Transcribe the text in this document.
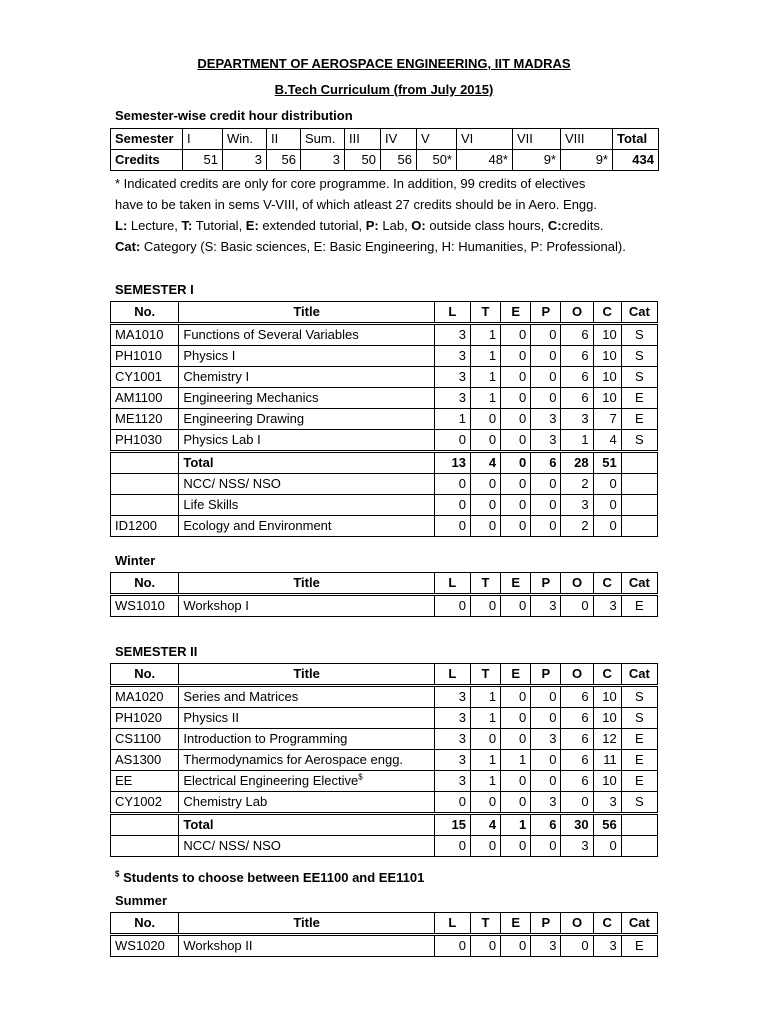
DEPARTMENT OF AEROSPACE ENGINEERING, IIT MADRAS
B.Tech Curriculum (from July 2015)
Semester-wise credit hour distribution
Semester	I	Win.	II	Sum.	III	IV	V	VI	VII	VIII	Total
Credits	51	3	56	3	50	56	50*	48*	9*	9*	434
* Indicated credits are only for core programme. In addition, 99 credits of electives
have to be taken in sems V-VIII, of which atleast 27 credits should be in Aero. Engg.
L: Lecture, T: Tutorial, E: extended tutorial, P: Lab, O: outside class hours, C:credits.
Cat: Category (S: Basic sciences, E: Basic Engineering, H: Humanities, P: Professional).
SEMESTER I
No.	Title	L	T	E	P	O	C	Cat
MA1010	Functions of Several Variables	3	1	0	0	6	10	S
PH1010	Physics I	3	1	0	0	6	10	S
CY1001	Chemistry I	3	1	0	0	6	10	S
AM1100	Engineering Mechanics	3	1	0	0	6	10	E
ME1120	Engineering Drawing	1	0	0	3	3	7	E
PH1030	Physics Lab I	0	0	0	3	1	4	S
	Total	13	4	0	6	28	51	
	NCC/ NSS/ NSO	0	0	0	0	2	0	
	Life Skills	0	0	0	0	3	0	
ID1200	Ecology and Environment	0	0	0	0	2	0	
Winter
No.	Title	L	T	E	P	O	C	Cat
WS1010	Workshop I	0	0	0	3	0	3	E
SEMESTER II
No.	Title	L	T	E	P	O	C	Cat
MA1020	Series and Matrices	3	1	0	0	6	10	S
PH1020	Physics II	3	1	0	0	6	10	S
CS1100	Introduction to Programming	3	0	0	3	6	12	E
AS1300	Thermodynamics for Aerospace engg.	3	1	1	0	6	11	E
EE	Electrical Engineering Elective$	3	1	0	0	6	10	E
CY1002	Chemistry Lab	0	0	0	3	0	3	S
	Total	15	4	1	6	30	56	
	NCC/ NSS/ NSO	0	0	0	0	3	0	
$ Students to choose between EE1100 and EE1101
Summer
No.	Title	L	T	E	P	O	C	Cat
WS1020	Workshop II	0	0	0	3	0	3	E
